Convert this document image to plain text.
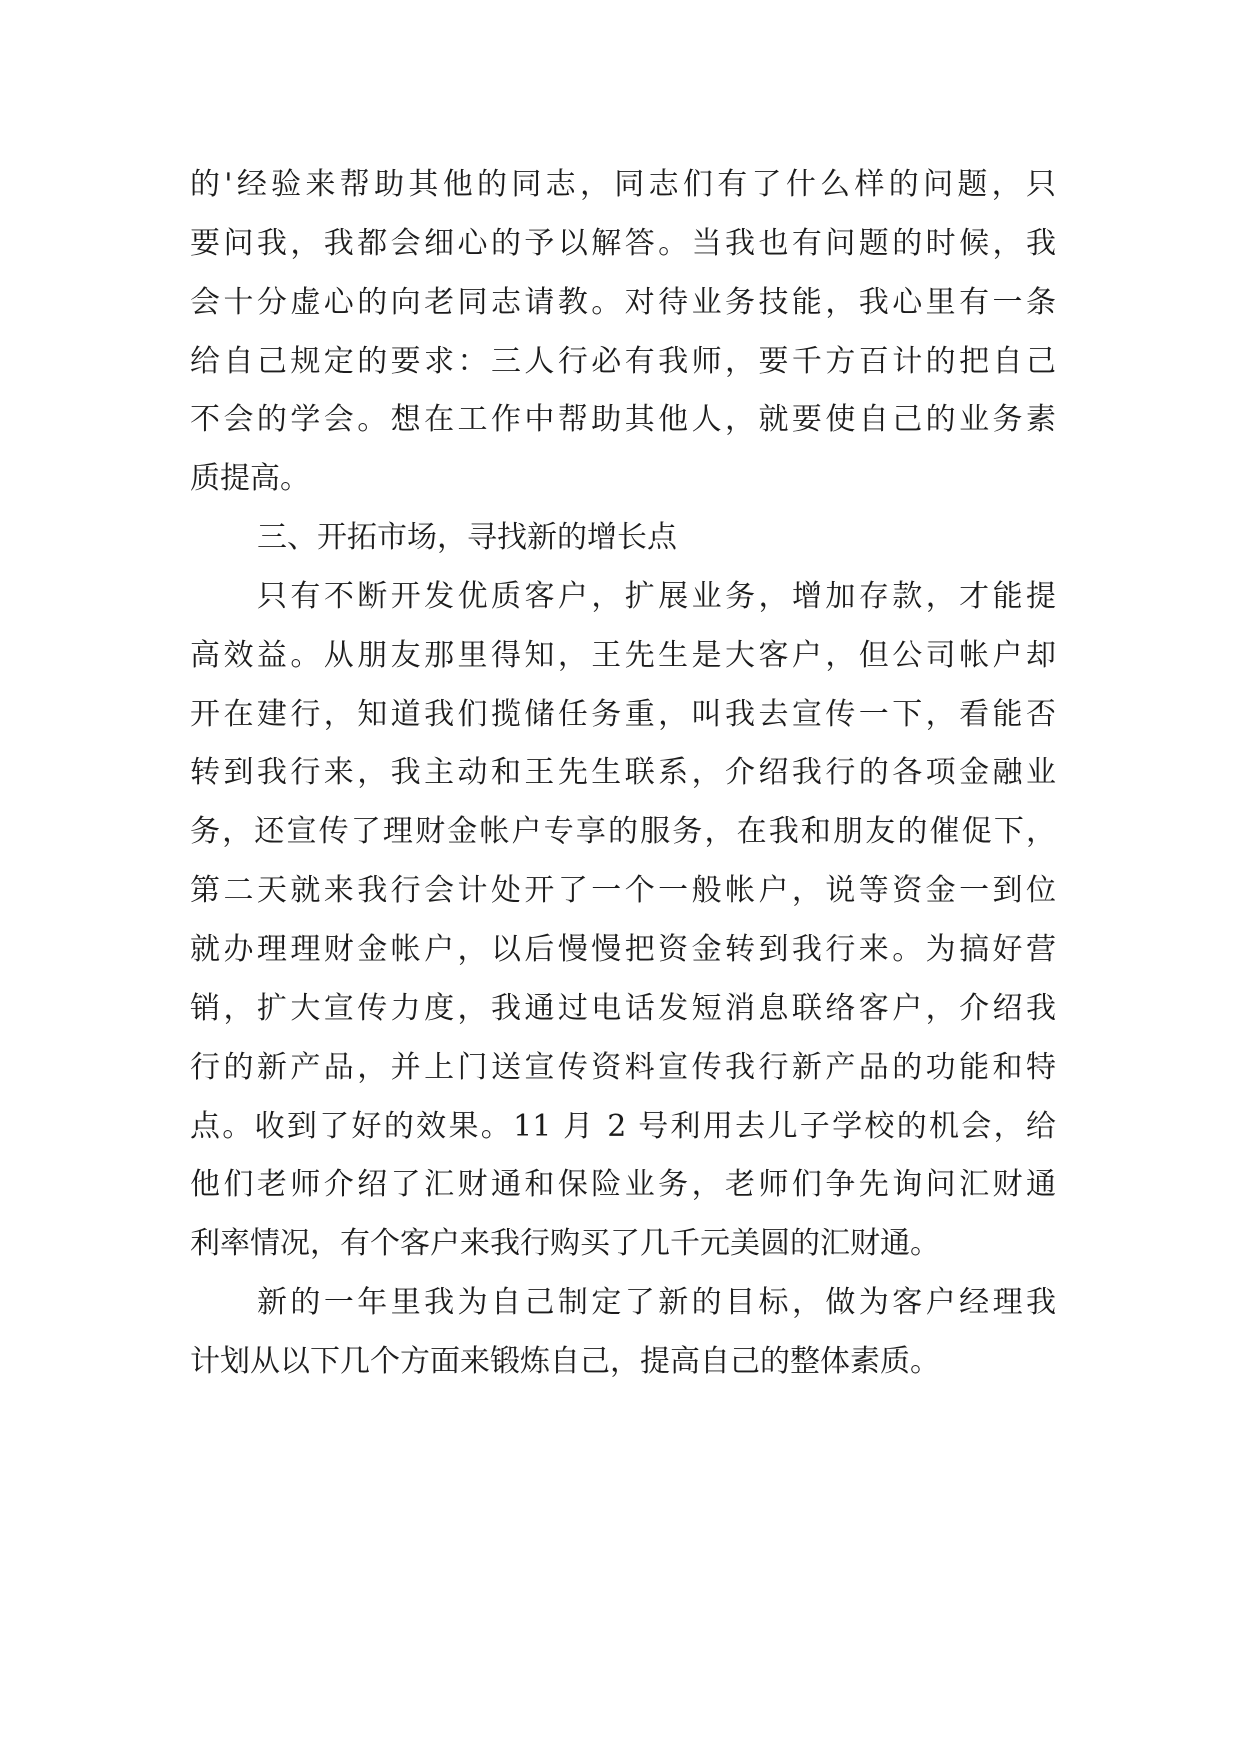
的'经验来帮助其他的同志，同志们有了什么样的问题，只
要问我，我都会细心的予以解答。当我也有问题的时候，我
会十分虚心的向老同志请教。对待业务技能，我心里有一条
给自己规定的要求：三人行必有我师，要千方百计的把自己
不会的学会。想在工作中帮助其他人，就要使自己的业务素
质提高。
三、开拓市场，寻找新的增长点
只有不断开发优质客户，扩展业务，增加存款，才能提
高效益。从朋友那里得知，王先生是大客户，但公司帐户却
开在建行，知道我们揽储任务重，叫我去宣传一下，看能否
转到我行来，我主动和王先生联系，介绍我行的各项金融业
务，还宣传了理财金帐户专享的服务，在我和朋友的催促下，
第二天就来我行会计处开了一个一般帐户，说等资金一到位
就办理理财金帐户，以后慢慢把资金转到我行来。为搞好营
销，扩大宣传力度，我通过电话发短消息联络客户，介绍我
行的新产品，并上门送宣传资料宣传我行新产品的功能和特
点。收到了好的效果。11 月 2 号利用去儿子学校的机会，给
他们老师介绍了汇财通和保险业务，老师们争先询问汇财通
利率情况，有个客户来我行购买了几千元美圆的汇财通。
新的一年里我为自己制定了新的目标，做为客户经理我
计划从以下几个方面来锻炼自己，提高自己的整体素质。
